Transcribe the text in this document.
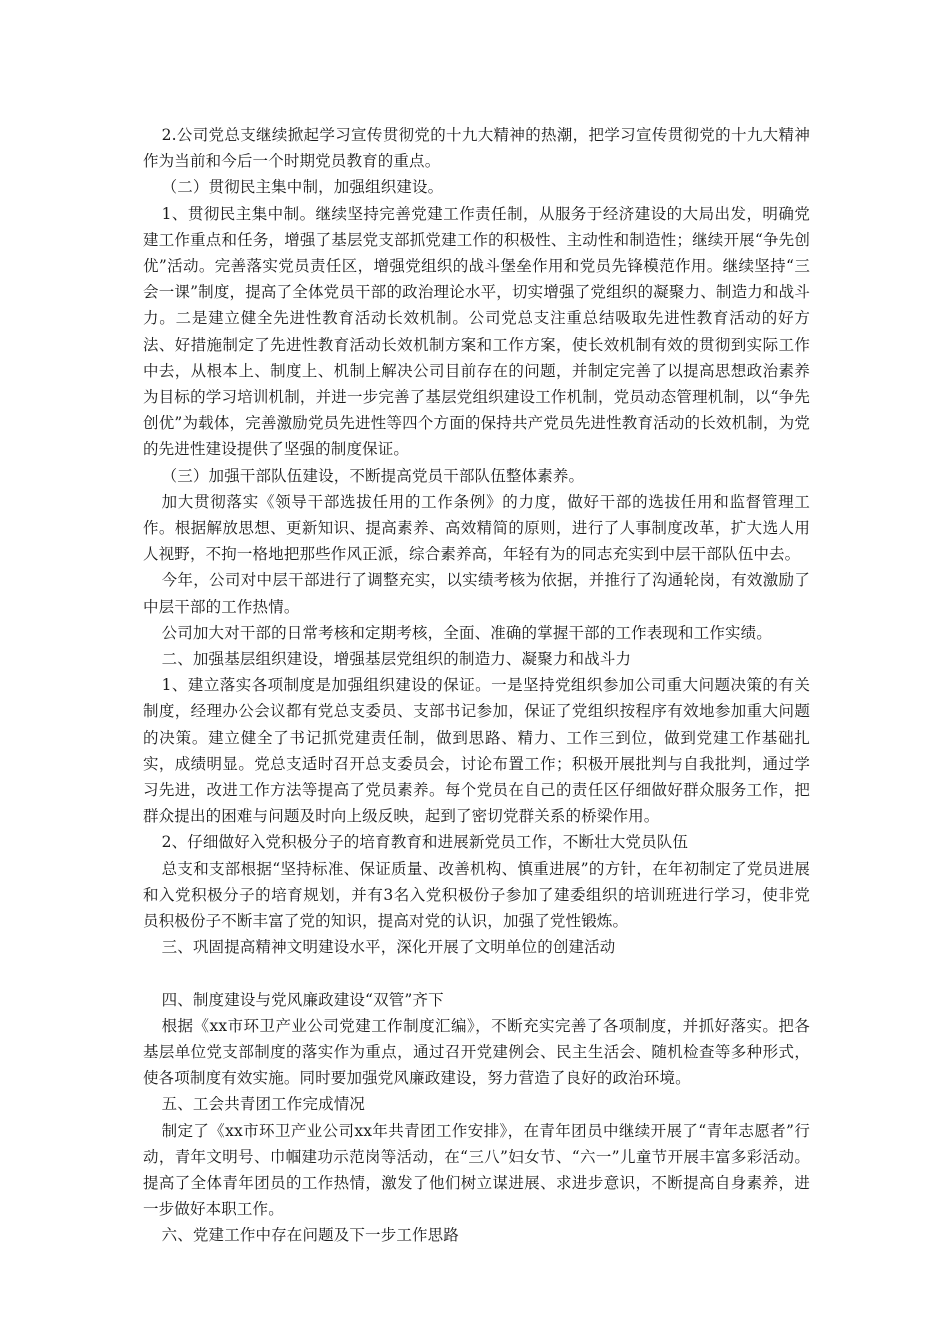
2.公司党总支继续掀起学习宣传贯彻党的十九大精神的热潮，把学习宣传贯彻党的十九大精神作为当前和今后一个时期党员教育的重点。

（二）贯彻民主集中制，加强组织建设。

1、贯彻民主集中制。继续坚持完善党建工作责任制，从服务于经济建设的大局出发，明确党建工作重点和任务，增强了基层党支部抓党建工作的积极性、主动性和制造性；继续开展“争先创优”活动。完善落实党员责任区，增强党组织的战斗堡垒作用和党员先锋模范作用。继续坚持“三会一课”制度，提高了全体党员干部的政治理论水平，切实增强了党组织的凝聚力、制造力和战斗力。二是建立健全先进性教育活动长效机制。公司党总支注重总结吸取先进性教育活动的好方法、好措施制定了先进性教育活动长效机制方案和工作方案，使长效机制有效的贯彻到实际工作中去，从根本上、制度上、机制上解决公司目前存在的问题，并制定完善了以提高思想政治素养为目标的学习培训机制，并进一步完善了基层党组织建设工作机制，党员动态管理机制，以“争先创优”为载体，完善激励党员先进性等四个方面的保持共产党员先进性教育活动的长效机制，为党的先进性建设提供了坚强的制度保证。

（三）加强干部队伍建设，不断提高党员干部队伍整体素养。

加大贯彻落实《领导干部选拔任用的工作条例》的力度，做好干部的选拔任用和监督管理工作。根据解放思想、更新知识、提高素养、高效精简的原则，进行了人事制度改革，扩大选人用人视野，不拘一格地把那些作风正派，综合素养高，年轻有为的同志充实到中层干部队伍中去。

今年，公司对中层干部进行了调整充实，以实绩考核为依据，并推行了沟通轮岗，有效激励了中层干部的工作热情。

公司加大对干部的日常考核和定期考核，全面、准确的掌握干部的工作表现和工作实绩。

二、加强基层组织建设，增强基层党组织的制造力、凝聚力和战斗力

1、建立落实各项制度是加强组织建设的保证。一是坚持党组织参加公司重大问题决策的有关制度，经理办公会议都有党总支委员、支部书记参加，保证了党组织按程序有效地参加重大问题的决策。建立健全了书记抓党建责任制，做到思路、精力、工作三到位，做到党建工作基础扎实，成绩明显。党总支适时召开总支委员会，讨论布置工作；积极开展批判与自我批判，通过学习先进，改进工作方法等提高了党员素养。每个党员在自己的责任区仔细做好群众服务工作，把群众提出的困难与问题及时向上级反映，起到了密切党群关系的桥梁作用。

2、仔细做好入党积极分子的培育教育和进展新党员工作，不断壮大党员队伍

总支和支部根据“坚持标准、保证质量、改善机构、慎重进展”的方针，在年初制定了党员进展和入党积极分子的培育规划，并有3名入党积极份子参加了建委组织的培训班进行学习，使非党员积极份子不断丰富了党的知识，提高对党的认识，加强了党性锻炼。

三、巩固提高精神文明建设水平，深化开展了文明单位的创建活动

四、制度建设与党风廉政建设“双管”齐下

根据《xx市环卫产业公司党建工作制度汇编》，不断充实完善了各项制度，并抓好落实。把各基层单位党支部制度的落实作为重点，通过召开党建例会、民主生活会、随机检查等多种形式，使各项制度有效实施。同时要加强党风廉政建设，努力营造了良好的政治环境。

五、工会共青团工作完成情况

制定了《xx市环卫产业公司xx年共青团工作安排》，在青年团员中继续开展了“青年志愿者”行动，青年文明号、巾帼建功示范岗等活动，在“三八”妇女节、“六一”儿童节开展丰富多彩活动。提高了全体青年团员的工作热情，激发了他们树立谋进展、求进步意识，不断提高自身素养，进一步做好本职工作。

六、党建工作中存在问题及下一步工作思路
